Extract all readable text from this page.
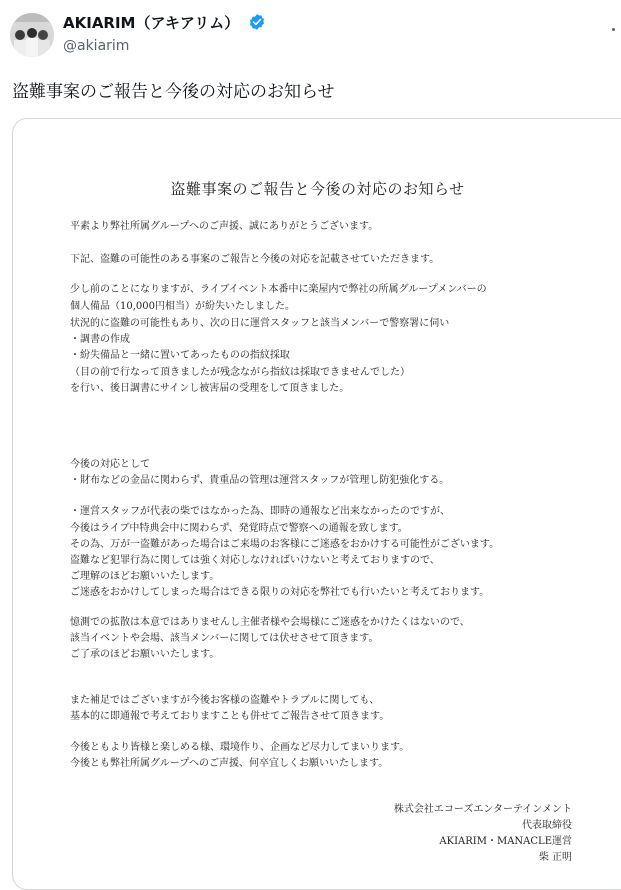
AKIARIM（アキアリム）
@akiarim
盗難事案のご報告と今後の対応のお知らせ
盗難事案のご報告と今後の対応のお知らせ
平素より弊社所属グループへのご声援、誠にありがとうございます。
下記、盗難の可能性のある事案のご報告と今後の対応を記載させていただきます。
少し前のことになりますが、ライブイベント本番中に楽屋内で弊社の所属グループメンバーの
個人備品（10,000円相当）が紛失いたしました。
状況的に盗難の可能性もあり、次の日に運営スタッフと該当メンバーで警察署に伺い
・調書の作成
・紛失備品と一緒に置いてあったものの指紋採取
（目の前で行なって頂きましたが残念ながら指紋は採取できませんでした）
を行い、後日調書にサインし被害届の受理をして頂きました。
今後の対応として
・財布などの金品に関わらず、貴重品の管理は運営スタッフが管理し防犯強化する。
・運営スタッフが代表の柴ではなかった為、即時の通報など出来なかったのですが、
今後はライブ中特典会中に関わらず、発覚時点で警察への通報を致します。
その為、万が一盗難があった場合はご来場のお客様にご迷惑をおかけする可能性がございます。
盗難など犯罪行為に関しては強く対応しなければいけないと考えておりますので、
ご理解のほどお願いいたします。
ご迷惑をおかけしてしまった場合はできる限りの対応を弊社でも行いたいと考えております。
憶測での拡散は本意ではありませんし主催者様や会場様にご迷惑をかけたくはないので、
該当イベントや会場、該当メンバーに関しては伏せさせて頂きます。
ご了承のほどお願いいたします。
また補足ではございますが今後お客様の盗難やトラブルに関しても、
基本的に即通報で考えておりますことも併せてご報告させて頂きます。
今後ともより皆様と楽しめる様、環境作り、企画など尽力してまいります。
今後とも弊社所属グループへのご声援、何卒宜しくお願いいたします。
株式会社エコーズエンターテインメント
代表取締役
AKIARIM・MANACLE運営
柴 正明
